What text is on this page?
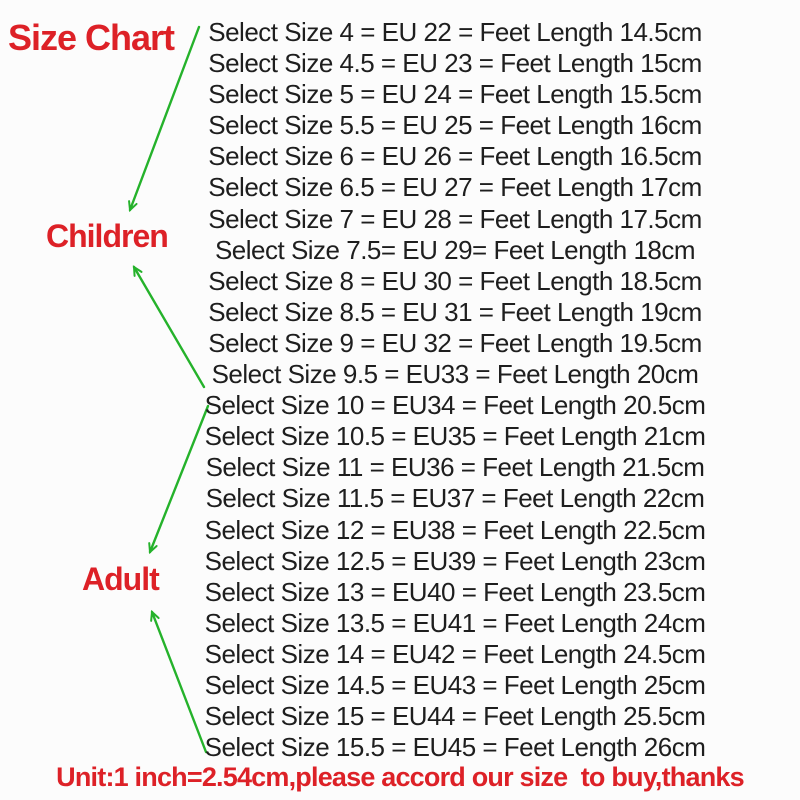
Size Chart
Children
Adult
Select Size 4 = EU 22 = Feet Length 14.5cm
Select Size 4.5 = EU 23 = Feet Length 15cm
Select Size 5 = EU 24 = Feet Length 15.5cm
Select Size 5.5 = EU 25 = Feet Length 16cm
Select Size 6 = EU 26 = Feet Length 16.5cm
Select Size 6.5 = EU 27 = Feet Length 17cm
Select Size 7 = EU 28 = Feet Length 17.5cm
Select Size 7.5= EU 29= Feet Length 18cm
Select Size 8 = EU 30 = Feet Length 18.5cm
Select Size 8.5 = EU 31 = Feet Length 19cm
Select Size 9 = EU 32 = Feet Length 19.5cm
Select Size 9.5 = EU33 = Feet Length 20cm
Select Size 10 = EU34 = Feet Length 20.5cm
Select Size 10.5 = EU35 = Feet Length 21cm
Select Size 11 = EU36 = Feet Length 21.5cm
Select Size 11.5 = EU37 = Feet Length 22cm
Select Size 12 = EU38 = Feet Length 22.5cm
Select Size 12.5 = EU39 = Feet Length 23cm
Select Size 13 = EU40 = Feet Length 23.5cm
Select Size 13.5 = EU41 = Feet Length 24cm
Select Size 14 = EU42 = Feet Length 24.5cm
Select Size 14.5 = EU43 = Feet Length 25cm
Select Size 15 = EU44 = Feet Length 25.5cm
Select Size 15.5 = EU45 = Feet Length 26cm
Unit:1 inch=2.54cm,please accord our size  to buy,thanks
